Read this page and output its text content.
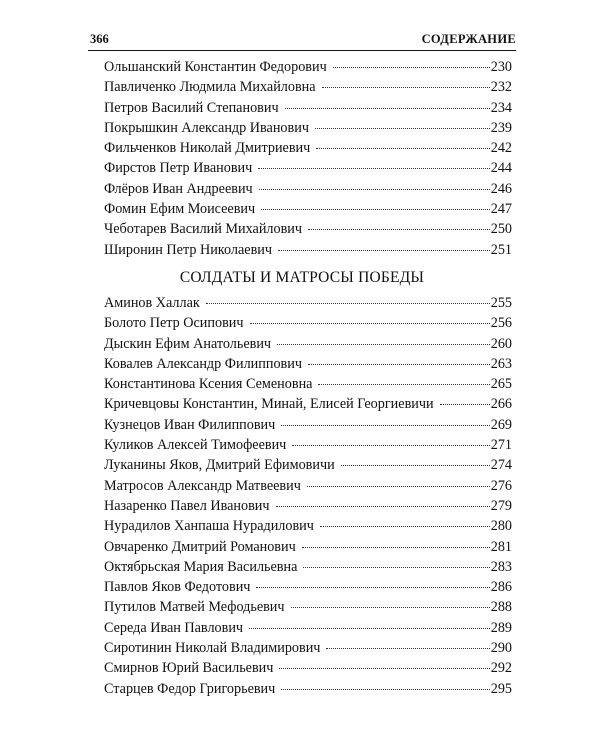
366	СОДЕРЖАНИЕ
Ольшанский Константин Федорович	230
Павличенко Людмила Михайловна	232
Петров Василий Степанович	234
Покрышкин Александр Иванович	239
Фильченков Николай Дмитриевич	242
Фирстов Петр Иванович	244
Флёров Иван Андреевич	246
Фомин Ефим Моисеевич	247
Чеботарев Василий Михайлович	250
Широнин Петр Николаевич	251
СОЛДАТЫ И МАТРОСЫ ПОБЕДЫ
Аминов Халлак	255
Болото Петр Осипович	256
Дыскин Ефим Анатольевич	260
Ковалев Александр Филиппович	263
Константинова Ксения Семеновна	265
Кричевцовы Константин, Минай, Елисей Георгиевичи	266
Кузнецов Иван Филиппович	269
Куликов Алексей Тимофеевич	271
Луканины Яков, Дмитрий Ефимовичи	274
Матросов Александр Матвеевич	276
Назаренко Павел Иванович	279
Нурадилов Ханпаша Нурадилович	280
Овчаренко Дмитрий Романович	281
Октябрьская Мария Васильевна	283
Павлов Яков Федотович	286
Путилов Матвей Мефодьевич	288
Середа Иван Павлович	289
Сиротинин Николай Владимирович	290
Смирнов Юрий Васильевич	292
Старцев Федор Григорьевич	295
